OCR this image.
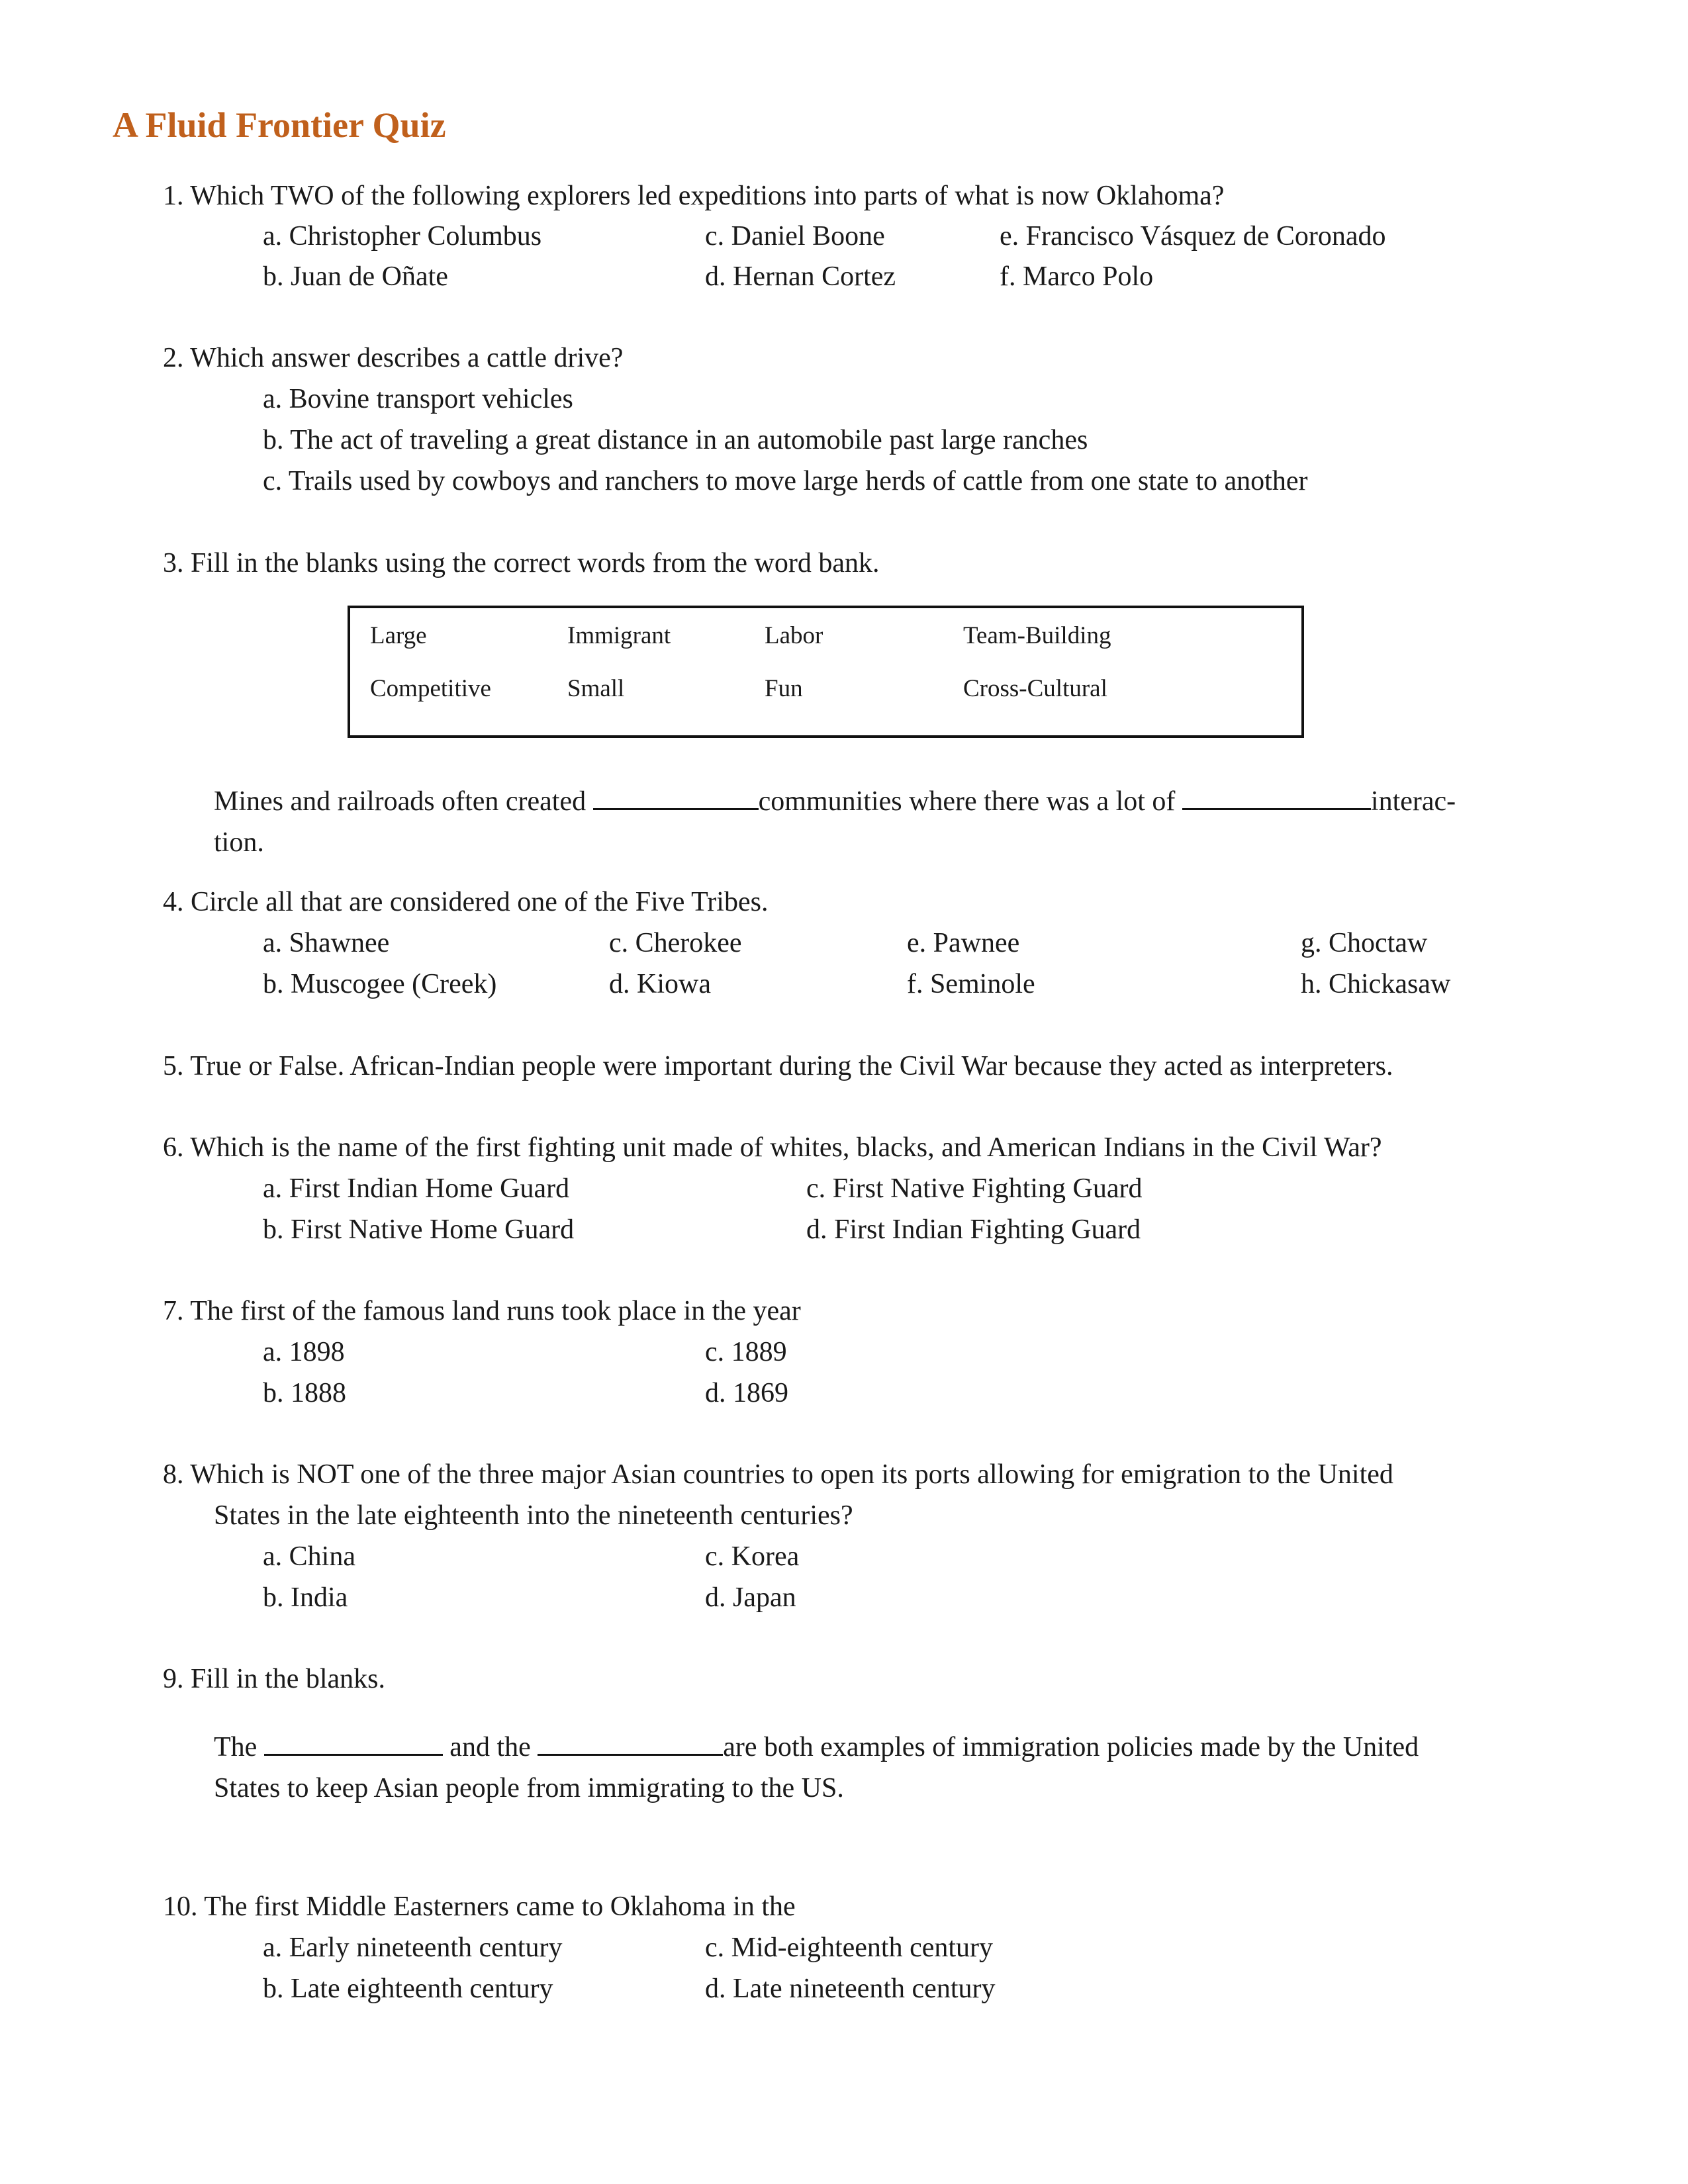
A Fluid Frontier Quiz
1. Which TWO of the following explorers led expeditions into parts of what is now Oklahoma?
a. Christopher Columbus
b. Juan de Oñate
c. Daniel Boone
d. Hernan Cortez
e. Francisco Vásquez de Coronado
f. Marco Polo
2. Which answer describes a cattle drive?
a. Bovine transport vehicles
b. The act of traveling a great distance in an automobile past large ranches
c. Trails used by cowboys and ranchers to move large herds of cattle from one state to another
3. Fill in the blanks using the correct words from the word bank.
Large	Immigrant	Labor	Team-Building
Competitive	Small	Fun	Cross-Cultural
Mines and railroads often created	communities where there was a lot of	interac-
tion.
4. Circle all that are considered one of the Five Tribes.
a. Shawnee
b. Muscogee (Creek)
c. Cherokee
d. Kiowa
e. Pawnee
f. Seminole
g. Choctaw
h. Chickasaw
5. True or False. African-Indian people were important during the Civil War because they acted as interpreters.
6. Which is the name of the first fighting unit made of whites, blacks, and American Indians in the Civil War?
a. First Indian Home Guard
b. First Native Home Guard
c. First Native Fighting Guard
d. First Indian Fighting Guard
7. The first of the famous land runs took place in the year
a. 1898
b. 1888
c. 1889
d. 1869
8. Which is NOT one of the three major Asian countries to open its ports allowing for emigration to the United
States in the late eighteenth into the nineteenth centuries?
a. China
b. India
c. Korea
d. Japan
9. Fill in the blanks.
The	and the	are both examples of immigration policies made by the United
States to keep Asian people from immigrating to the US.
10. The first Middle Easterners came to Oklahoma in the
a. Early nineteenth century
b. Late eighteenth century
c. Mid-eighteenth century
d. Late nineteenth century
